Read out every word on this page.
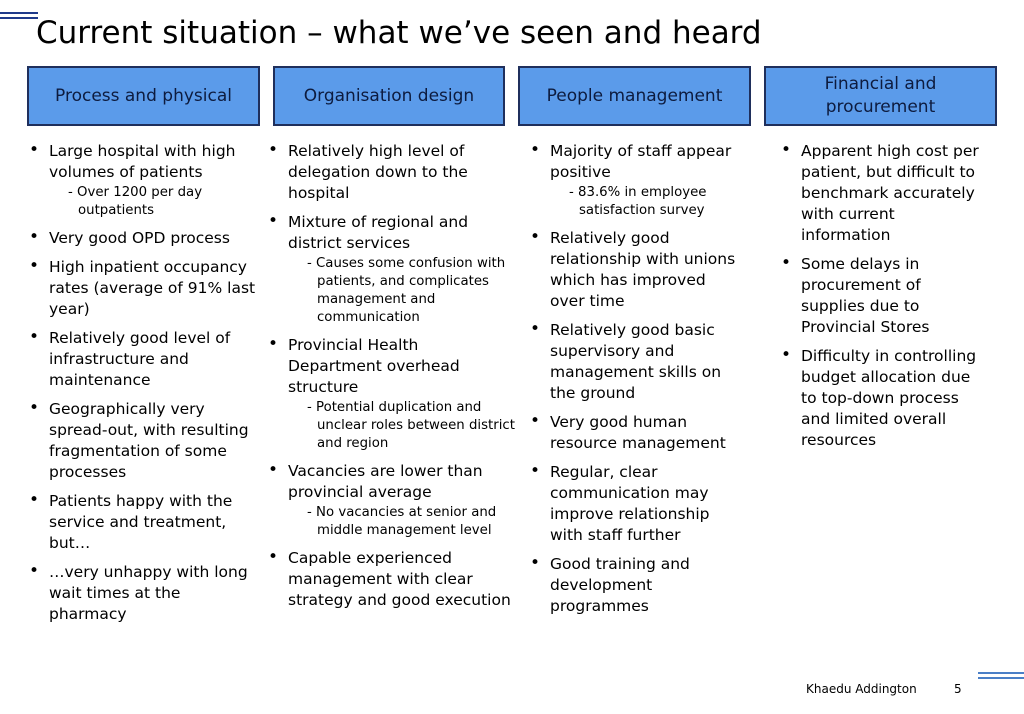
Current situation – what we’ve seen and heard
Process and physical	Organisation design	People management
Financial and procurement
• Large hospital with high volumes of patients
- Over 1200 per day outpatients
• Very good OPD process
• High inpatient occupancy rates (average of 91% last year)
• Relatively good level of infrastructure and maintenance
• Geographically very spread-out, with resulting fragmentation of some processes
• Patients happy with the service and treatment, but…
• …very unhappy with long wait times at the pharmacy
• Relatively high level of delegation down to the hospital
• Mixture of regional and district services
- Causes some confusion with patients, and complicates management and communication
• Provincial Health Department overhead structure
- Potential duplication and unclear roles between district and region
• Vacancies are lower than provincial average
- No vacancies at senior and middle management level
• Capable experienced management with clear strategy and good execution
• Majority of staff appear positive
- 83.6% in employee satisfaction survey
• Relatively good relationship with unions which has improved over time
• Relatively good basic supervisory and management skills on the ground
• Very good human resource management
• Regular, clear communication may improve relationship with staff further
• Good training and development programmes
• Apparent high cost per patient, but difficult to benchmark accurately with current information
• Some delays in procurement of supplies due to Provincial Stores
• Difficulty in controlling budget allocation due to top-down process and limited overall resources
Khaedu Addington	5
